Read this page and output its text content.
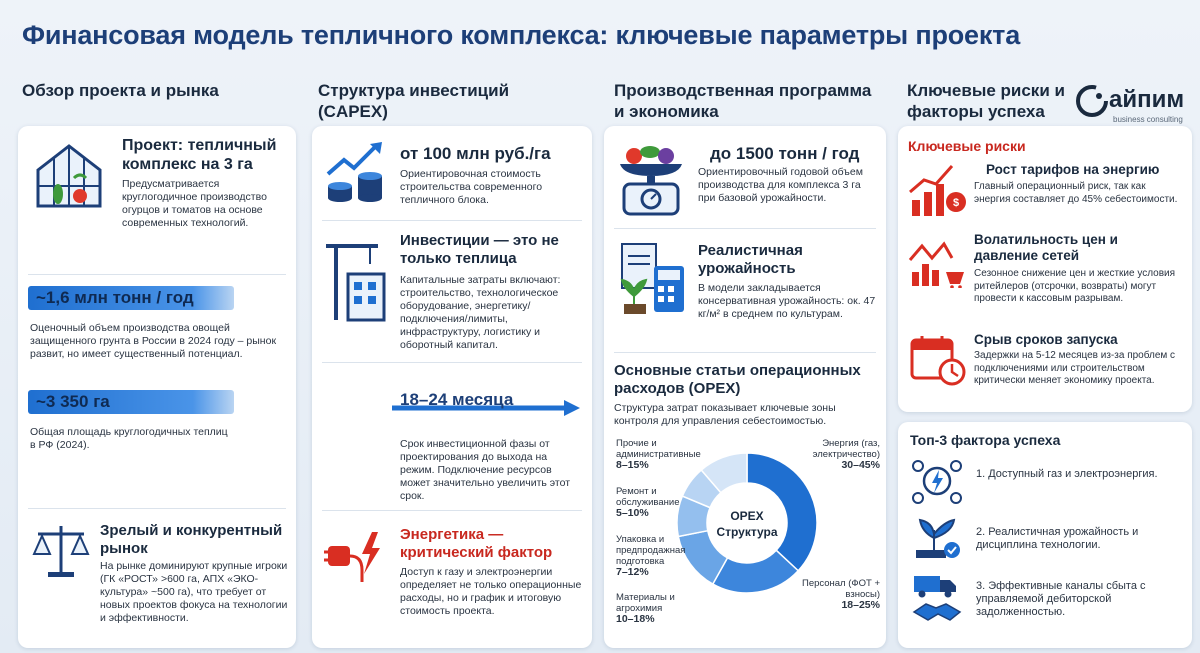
Финансовая модель тепличного комплекса: ключевые параметры проекта
Обзор проекта и рынка	Структура инвестиций (CAPEX)
Производственная программа и экономика
Ключевые риски и факторы успеха	айпим
business consulting
Проект: тепличный комплекс на 3 га
Предусматривается круглогодичное производство огурцов и томатов на основе современных технологий.
~1,6 млн тонн / год
Оценочный объем производства овощей защищенного грунта в России в 2024 году – рынок развит, но имеет существенный потенциал.
~3 350 га
Общая площадь круглогодичных теплиц в РФ (2024).
Зрелый и конкурентный рынок
На рынке доминируют крупные игроки (ГК «РОСТ» >600 га, АПХ «ЭКО-культура» ~500 га), что требует от новых проектов фокуса на технологии и эффективности.
от 100 млн руб./га
Ориентировочная стоимость строительства современного тепличного блока.
Инвестиции — это не только теплица
Капитальные затраты включают: строительство, технологическое оборудование, энергетику/подключения/лимиты, инфраструктуру, логистику и оборотный капитал.
18–24 месяца
Срок инвестиционной фазы от проектирования до выхода на режим. Подключение ресурсов может значительно увеличить этот срок.
Энергетика — критический фактор
Доступ к газу и электроэнергии определяет не только операционные расходы, но и график и итоговую стоимость проекта.
до 1500 тонн / год
Ориентировочный годовой объем производства для комплекса 3 га при базовой урожайности.
Реалистичная урожайность
В модели закладывается консервативная урожайность: ок. 47 кг/м² в среднем по культурам.
Основные статьи операционных расходов (OPEX)
Структура затрат показывает ключевые зоны контроля для управления себестоимостью.
OPEX
Структура
Энергия (газ, электричество)
30–45%
Персонал (ФОТ + взносы)
18–25%
Материалы и агрохимия
10–18%
Упаковка и предпродажная подготовка
7–12%
Ремонт и обслуживание
5–10%
Прочие и административные
8–15%
Ключевые риски
$
Рост тарифов на энергию
Главный операционный риск, так как энергия составляет до 45% себестоимости.
Волатильность цен и давление сетей
Сезонное снижение цен и жесткие условия ритейлеров (отсрочки, возвраты) могут провести к кассовым разрывам.
Срыв сроков запуска
Задержки на 5-12 месяцев из-за проблем с подключениями или строительством критически меняет экономику проекта.
Топ-3 фактора успеха
1. Доступный газ и электроэнергия.
2. Реалистичная урожайность и дисциплина технологии.
3. Эффективные каналы сбыта с управляемой дебиторской задолженностью.
